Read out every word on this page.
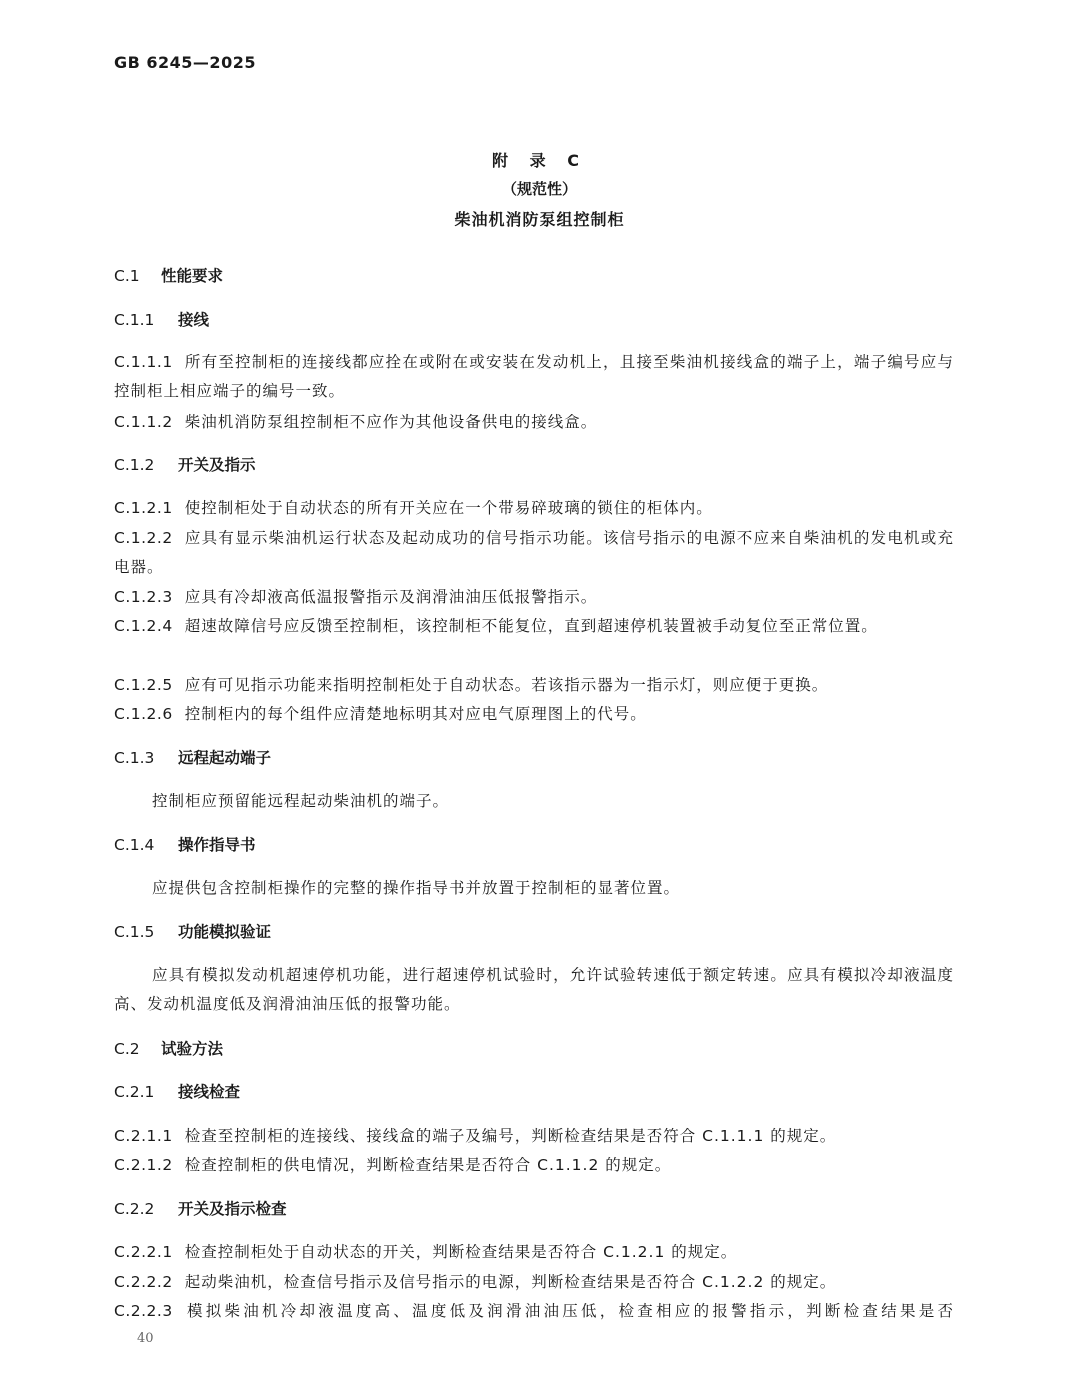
GB 6245—2025
附 录 C
（规范性）
柴油机消防泵组控制柜
C.1 性能要求
C.1.1 接线
C.1.1.1 所有至控制柜的连接线都应拴在或附在或安装在发动机上，且接至柴油机接线盒的端子上，端子编号应与控制柜上相应端子的编号一致。
C.1.1.2 柴油机消防泵组控制柜不应作为其他设备供电的接线盒。
C.1.2 开关及指示
C.1.2.1 使控制柜处于自动状态的所有开关应在一个带易碎玻璃的锁住的柜体内。
C.1.2.2 应具有显示柴油机运行状态及起动成功的信号指示功能。该信号指示的电源不应来自柴油机的发电机或充电器。
C.1.2.3 应具有冷却液高低温报警指示及润滑油油压低报警指示。
C.1.2.4 超速故障信号应反馈至控制柜，该控制柜不能复位，直到超速停机装置被手动复位至正常位置。
C.1.2.5 应有可见指示功能来指明控制柜处于自动状态。若该指示器为一指示灯，则应便于更换。
C.1.2.6 控制柜内的每个组件应清楚地标明其对应电气原理图上的代号。
C.1.3 远程起动端子
控制柜应预留能远程起动柴油机的端子。
C.1.4 操作指导书
应提供包含控制柜操作的完整的操作指导书并放置于控制柜的显著位置。
C.1.5 功能模拟验证
应具有模拟发动机超速停机功能，进行超速停机试验时，允许试验转速低于额定转速。应具有模拟冷却液温度高、发动机温度低及润滑油油压低的报警功能。
C.2 试验方法
C.2.1 接线检查
C.2.1.1 检查至控制柜的连接线、接线盒的端子及编号，判断检查结果是否符合 C.1.1.1 的规定。
C.2.1.2 检查控制柜的供电情况，判断检查结果是否符合 C.1.1.2 的规定。
C.2.2 开关及指示检查
C.2.2.1 检查控制柜处于自动状态的开关，判断检查结果是否符合 C.1.2.1 的规定。
C.2.2.2 起动柴油机，检查信号指示及信号指示的电源，判断检查结果是否符合 C.1.2.2 的规定。
C.2.2.3 模拟柴油机冷却液温度高、温度低及润滑油油压低，检查相应的报警指示，判断检查结果是否
40
